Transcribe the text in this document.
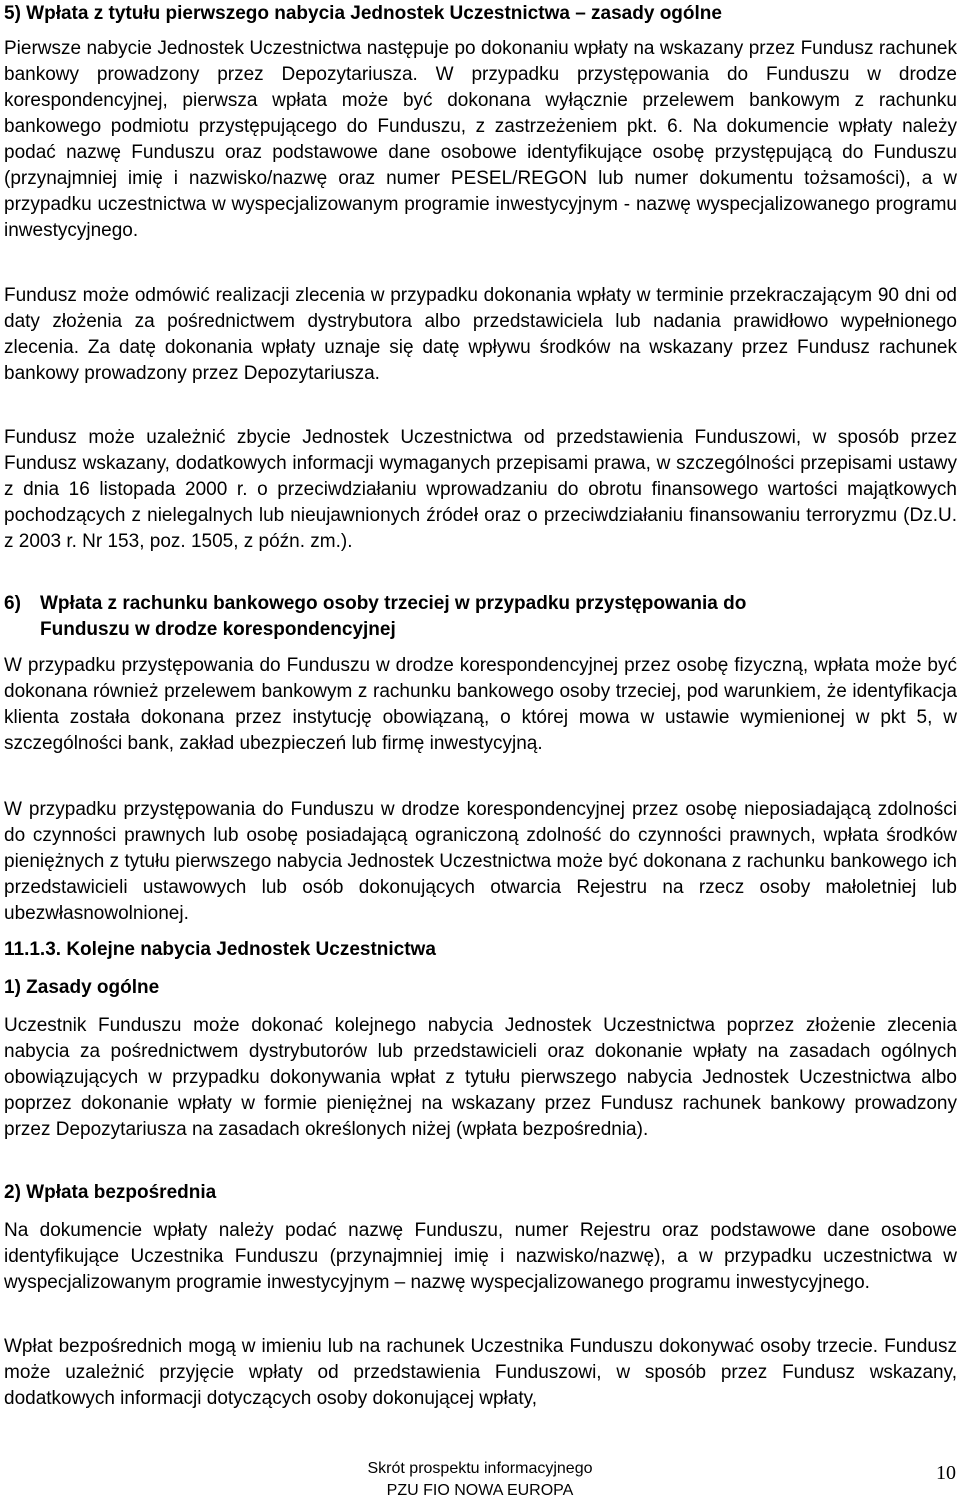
5) Wpłata z tytułu pierwszego nabycia Jednostek Uczestnictwa – zasady ogólne

Pierwsze nabycie Jednostek Uczestnictwa następuje po dokonaniu wpłaty na wskazany przez Fundusz rachunek bankowy prowadzony przez Depozytariusza. W przypadku przystępowania do Funduszu w drodze korespondencyjnej, pierwsza wpłata może być dokonana wyłącznie przelewem bankowym z rachunku bankowego podmiotu przystępującego do Funduszu, z zastrzeżeniem pkt. 6. Na dokumencie wpłaty należy podać nazwę Funduszu oraz podstawowe dane osobowe identyfikujące osobę przystępującą do Funduszu (przynajmniej imię i nazwisko/nazwę oraz numer PESEL/REGON lub numer dokumentu tożsamości), a w przypadku uczestnictwa w wyspecjalizowanym programie inwestycyjnym - nazwę wyspecjalizowanego programu inwestycyjnego.

Fundusz może odmówić realizacji zlecenia w przypadku dokonania wpłaty w terminie przekraczającym 90 dni od daty złożenia za pośrednictwem dystrybutora albo przedstawiciela lub nadania prawidłowo wypełnionego zlecenia. Za datę dokonania wpłaty uznaje się datę wpływu środków na wskazany przez Fundusz rachunek bankowy prowadzony przez Depozytariusza.

Fundusz może uzależnić zbycie Jednostek Uczestnictwa od przedstawienia Funduszowi, w sposób przez Fundusz wskazany, dodatkowych informacji wymaganych przepisami prawa, w szczególności przepisami ustawy z dnia 16 listopada 2000 r. o przeciwdziałaniu wprowadzaniu do obrotu finansowego wartości majątkowych pochodzących z nielegalnych lub nieujawnionych źródeł oraz o przeciwdziałaniu finansowaniu terroryzmu (Dz.U. z 2003 r. Nr 153, poz. 1505, z późn. zm.).

6) Wpłata z rachunku bankowego osoby trzeciej w przypadku przystępowania do
Funduszu w drodze korespondencyjnej

W przypadku przystępowania do Funduszu w drodze korespondencyjnej przez osobę fizyczną, wpłata może być dokonana również przelewem bankowym z rachunku bankowego osoby trzeciej, pod warunkiem, że identyfikacja klienta została dokonana przez instytucję obowiązaną, o której mowa w ustawie wymienionej w pkt 5, w szczególności bank, zakład ubezpieczeń lub firmę inwestycyjną.

W przypadku przystępowania do Funduszu w drodze korespondencyjnej przez osobę nieposiadającą zdolności do czynności prawnych lub osobę posiadającą ograniczoną zdolność do czynności prawnych, wpłata środków pieniężnych z tytułu pierwszego nabycia Jednostek Uczestnictwa może być dokonana z rachunku bankowego ich przedstawicieli ustawowych lub osób dokonujących otwarcia Rejestru na rzecz osoby małoletniej lub ubezwłasnowolnionej.

11.1.3. Kolejne nabycia Jednostek Uczestnictwa

1) Zasady ogólne

Uczestnik Funduszu może dokonać kolejnego nabycia Jednostek Uczestnictwa poprzez złożenie zlecenia nabycia za pośrednictwem dystrybutorów lub przedstawicieli oraz dokonanie wpłaty na zasadach ogólnych obowiązujących w przypadku dokonywania wpłat z tytułu pierwszego nabycia Jednostek Uczestnictwa albo poprzez dokonanie wpłaty w formie pieniężnej na wskazany przez Fundusz rachunek bankowy prowadzony przez Depozytariusza na zasadach określonych niżej (wpłata bezpośrednia).

2) Wpłata bezpośrednia

Na dokumencie wpłaty należy podać nazwę Funduszu, numer Rejestru oraz podstawowe dane osobowe identyfikujące Uczestnika Funduszu (przynajmniej imię i nazwisko/nazwę), a w przypadku uczestnictwa w wyspecjalizowanym programie inwestycyjnym – nazwę wyspecjalizowanego programu inwestycyjnego.

Wpłat bezpośrednich mogą w imieniu lub na rachunek Uczestnika Funduszu dokonywać osoby trzecie. Fundusz może uzależnić przyjęcie wpłaty od przedstawienia Funduszowi, w sposób przez Fundusz wskazany, dodatkowych informacji dotyczących osoby dokonującej wpłaty,

Skrót prospektu informacyjnego
PZU FIO NOWA EUROPA
10
